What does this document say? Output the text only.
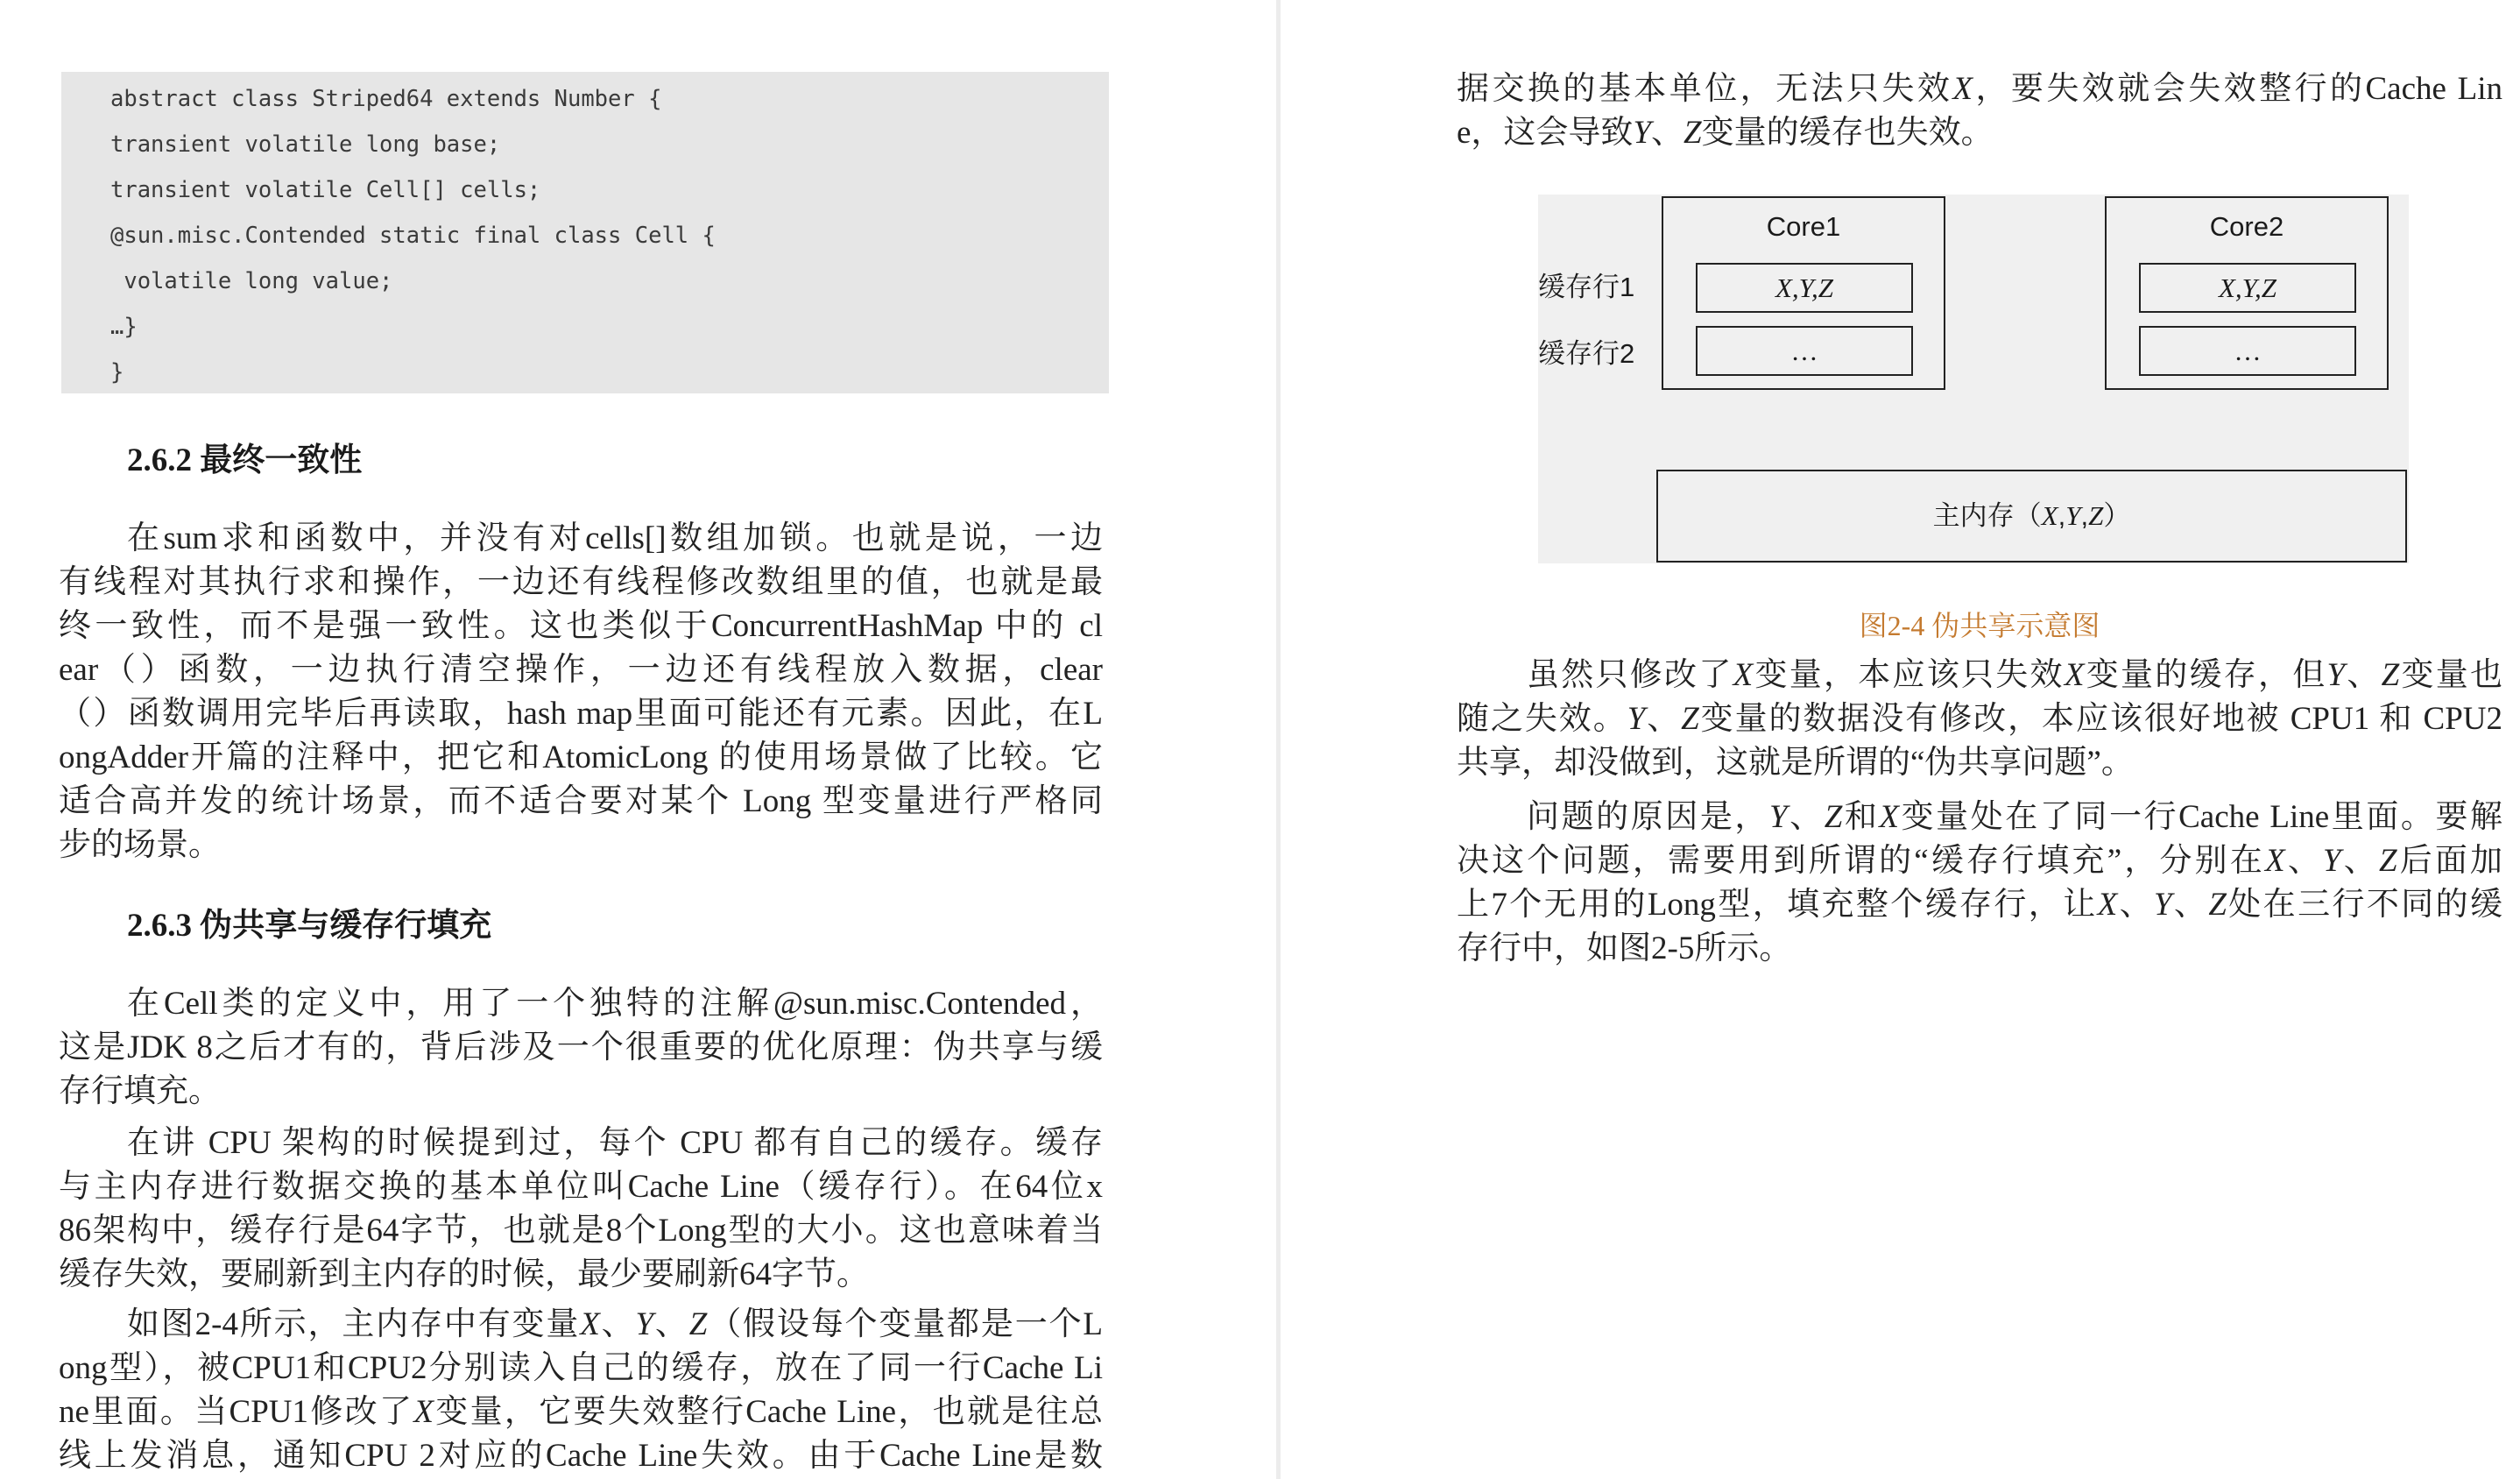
abstract class Striped64 extends Number {
transient volatile long base;
transient volatile Cell[] cells;
@sun.misc.Contended static final class Cell {
volatile long value;
…}
}
2.6.2 最终一致性
在sum求和函数中，并没有对cells[]数组加锁。也就是说，一边
有线程对其执行求和操作，一边还有线程修改数组里的值，也就是最
终一致性，而不是强一致性。这也类似于ConcurrentHashMap 中的 cl
ear（）函数，一边执行清空操作，一边还有线程放入数据，clear
（）函数调用完毕后再读取，hash map里面可能还有元素。因此，在L
ongAdder开篇的注释中，把它和AtomicLong 的使用场景做了比较。它
适合高并发的统计场景，而不适合要对某个 Long 型变量进行严格同
步的场景。
2.6.3 伪共享与缓存行填充
在Cell类的定义中，用了一个独特的注解@sun.misc.Contended，
这是JDK 8之后才有的，背后涉及一个很重要的优化原理：伪共享与缓
存行填充。
在讲 CPU 架构的时候提到过，每个 CPU 都有自己的缓存。缓存
与主内存进行数据交换的基本单位叫Cache Line（缓存行）。在64位x
86架构中，缓存行是64字节，也就是8个Long型的大小。这也意味着当
缓存失效，要刷新到主内存的时候，最少要刷新64字节。
如图2-4所示，主内存中有变量X、Y、Z（假设每个变量都是一个L
ong型），被CPU1和CPU2分别读入自己的缓存，放在了同一行Cache Li
ne里面。当CPU1修改了X变量，它要失效整行Cache Line，也就是往总
线上发消息，通知CPU 2对应的Cache Line失效。由于Cache Line是数
据交换的基本单位，无法只失效X，要失效就会失效整行的Cache Lin
e，这会导致Y、Z变量的缓存也失效。
缓存行1
缓存行2
Core1
X,Y,Z
…
Core2
X,Y,Z
…
主内存（X,Y,Z）
图2-4 伪共享示意图
虽然只修改了X变量，本应该只失效X变量的缓存，但Y、Z变量也
随之失效。Y、Z变量的数据没有修改，本应该很好地被 CPU1 和 CPU2
共享，却没做到，这就是所谓的“伪共享问题”。
问题的原因是，Y、Z和X变量处在了同一行Cache Line里面。要解
决这个问题，需要用到所谓的“缓存行填充”，分别在X、Y、Z后面加
上7个无用的Long型，填充整个缓存行，让X、Y、Z处在三行不同的缓
存行中，如图2-5所示。
